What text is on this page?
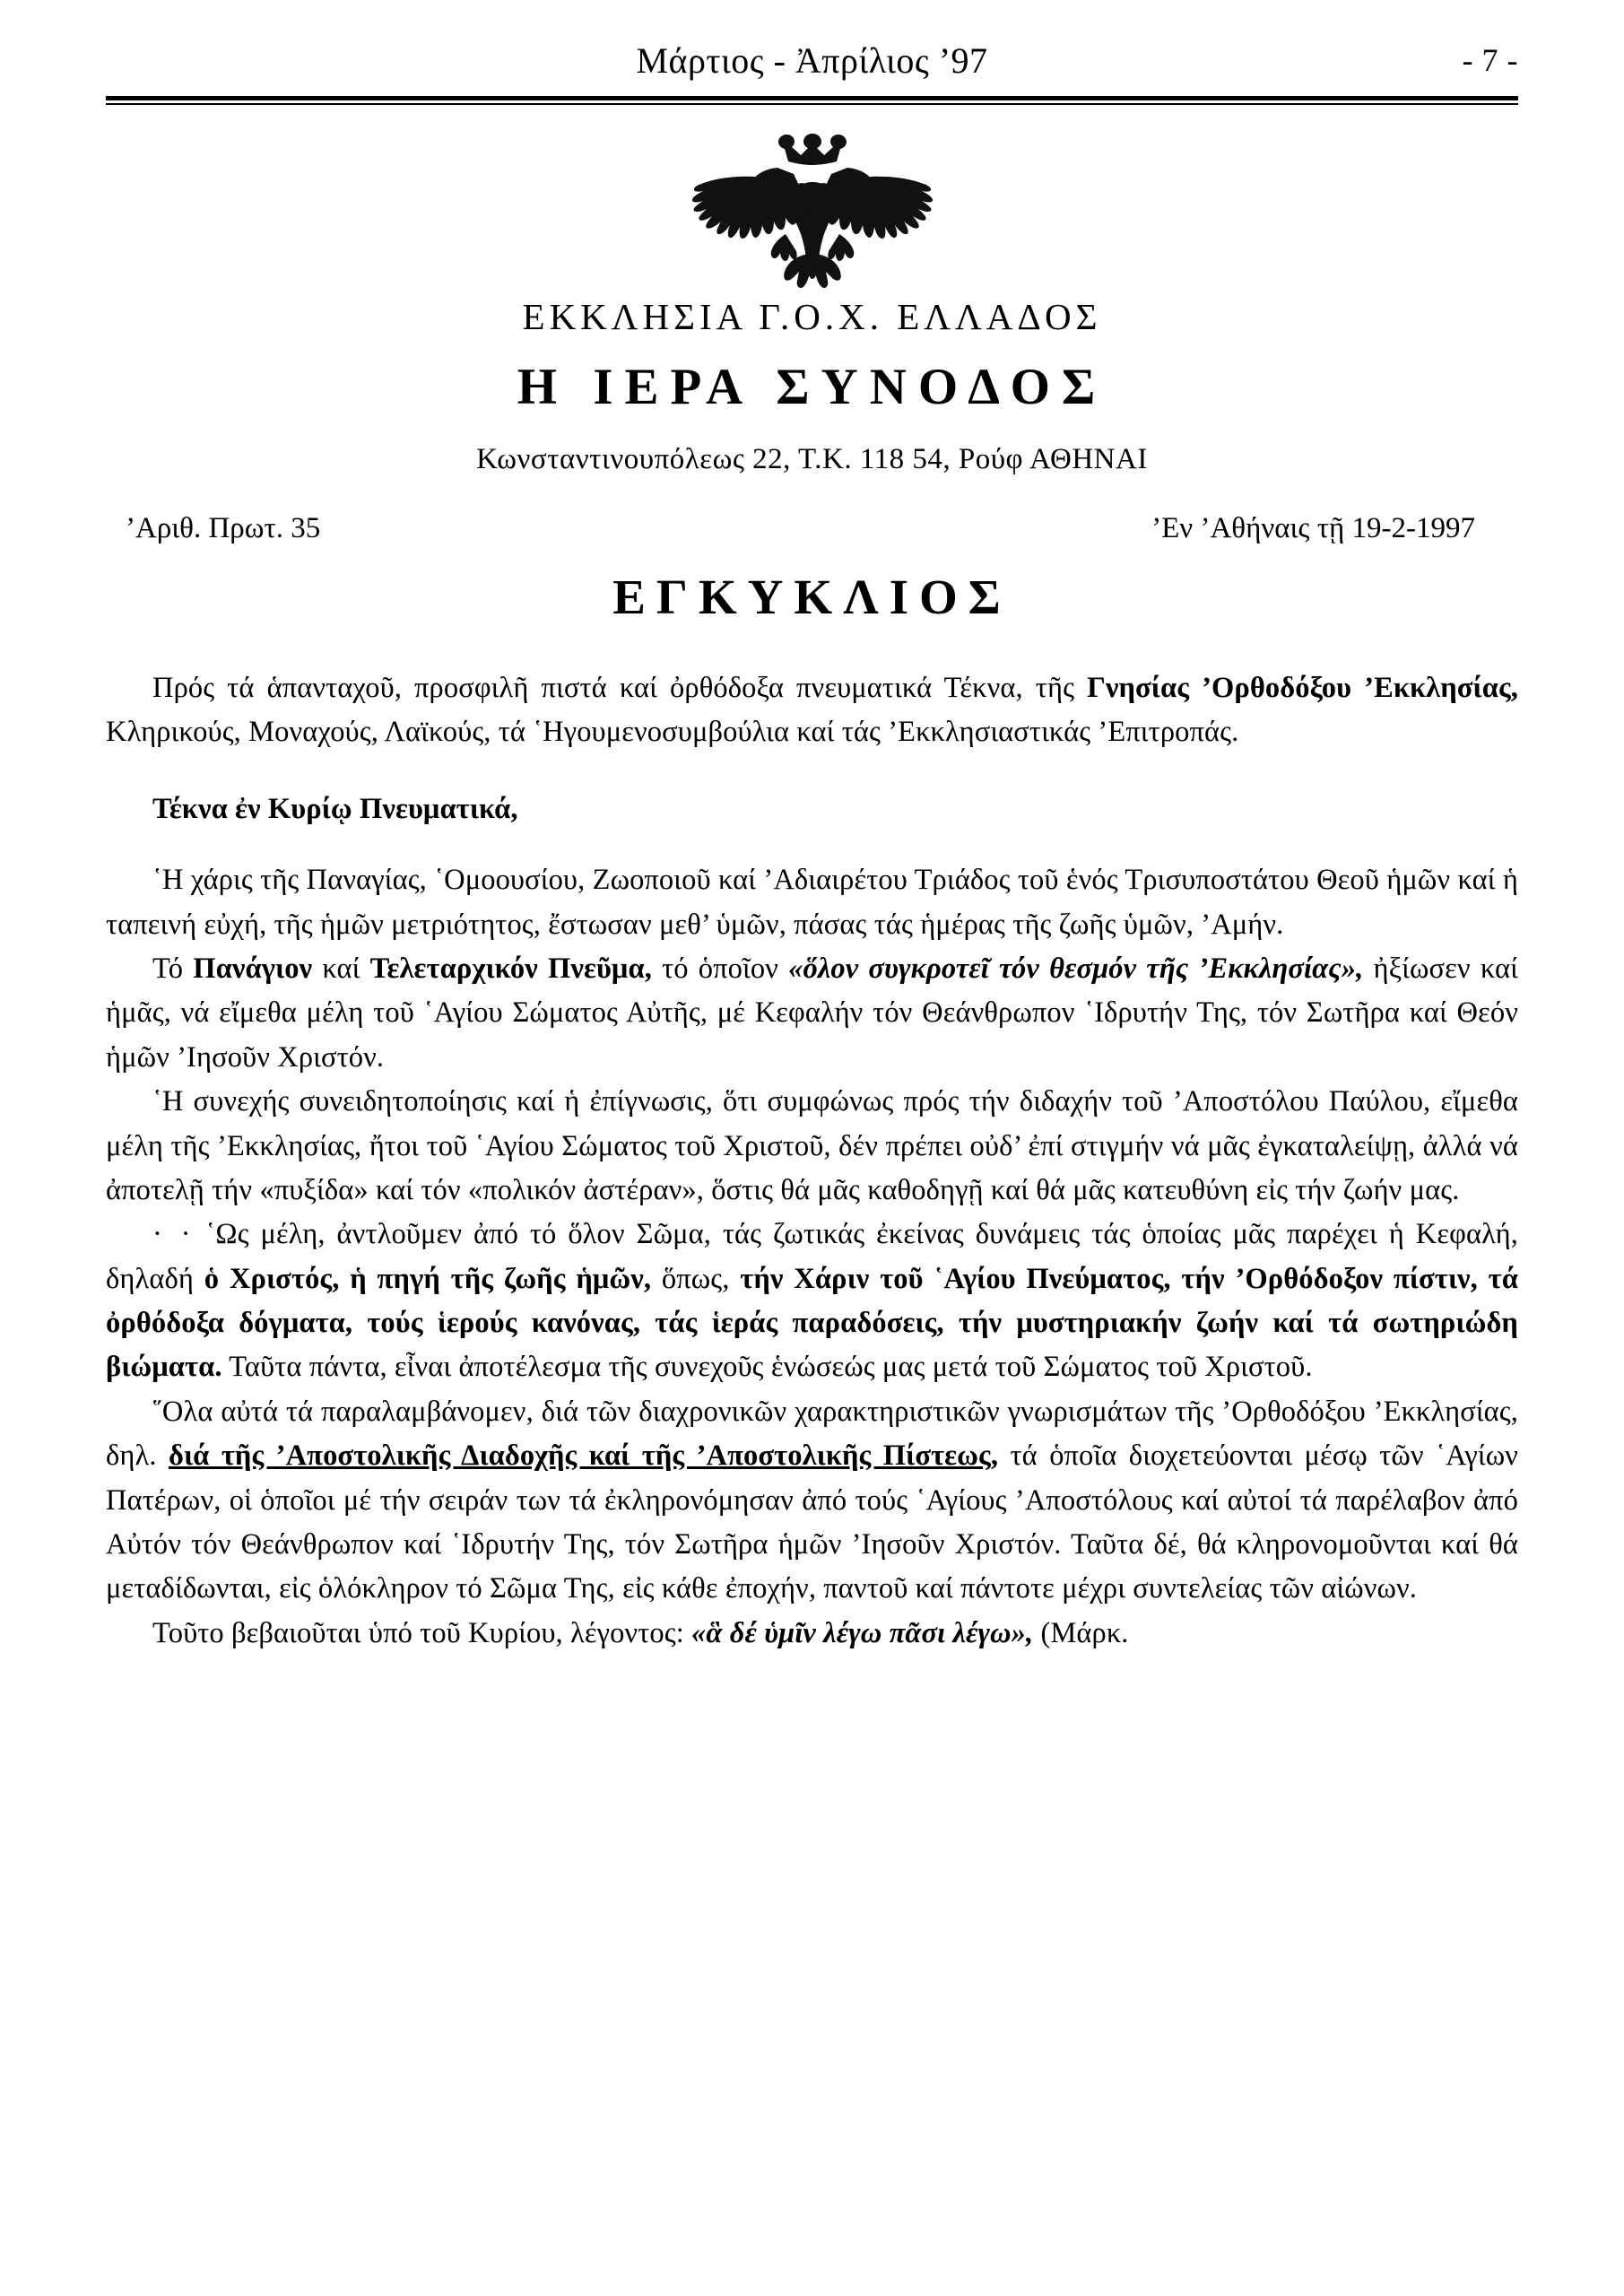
Μάρτιος - Ἀπρίλιος ’97	- 7 -
ΕΚΚΛΗΣΙΑ Γ.Ο.Χ. ΕΛΛΑΔΟΣ
Η ΙΕΡΑ ΣΥΝΟΔΟΣ
Κωνσταντινουπόλεως 22, Τ.Κ. 118 54, Ρούφ ΑΘΗΝΑΙ
’Αριθ. Πρωτ. 35	’Εν ’Αθήναις τῇ 19-2-1997
ΕΓΚΥΚΛΙΟΣ

Πρός τά ἁπανταχοῦ, προσφιλῆ πιστά καί ὀρθόδοξα πνευματικά Τέκνα, τῆς Γνησίας ’Ορθοδόξου ’Εκκλησίας, Κληρικούς, Μοναχούς, Λαϊκούς, τά ῾Ηγουμενοσυμβούλια καί τάς ’Εκκλησιαστικάς ’Επιτροπάς.

Τέκνα ἐν Κυρίῳ Πνευματικά,

῾Η χάρις τῆς Παναγίας, ῾Ομοουσίου, Ζωοποιοῦ καί ’Αδιαιρέτου Τριάδος τοῦ ἑνός Τρισυποστάτου Θεοῦ ἡμῶν καί ἡ ταπεινή εὐχή, τῆς ἡμῶν μετριότητος, ἔστωσαν μεθ’ ὑμῶν, πάσας τάς ἡμέρας τῆς ζωῆς ὑμῶν, ’Αμήν.

Τό Πανάγιον καί Τελεταρχικόν Πνεῦμα, τό ὁποῖον «ὅλον συγκροτεῖ τόν θεσμόν τῆς ’Εκκλησίας», ἠξίωσεν καί ἡμᾶς, νά εἴμεθα μέλη τοῦ ῾Αγίου Σώματος Αὐτῆς, μέ Κεφαλήν τόν Θεάνθρωπον ῾Ιδρυτήν Της, τόν Σωτῆρα καί Θεόν ἡμῶν ’Ιησοῦν Χριστόν.

῾Η συνεχής συνειδητοποίησις καί ἡ ἐπίγνωσις, ὅτι συμφώνως πρός τήν διδαχήν τοῦ ’Αποστόλου Παύλου, εἴμεθα μέλη τῆς ’Εκκλησίας, ἤτοι τοῦ ῾Αγίου Σώματος τοῦ Χριστοῦ, δέν πρέπει οὐδ’ ἐπί στιγμήν νά μᾶς ἐγκαταλείψῃ, ἀλλά νά ἀποτελῇ τήν «πυξίδα» καί τόν «πολικόν ἀστέραν», ὅστις θά μᾶς καθοδηγῇ καί θά μᾶς κατευθύνη εἰς τήν ζωήν μας.

· · ῾Ως μέλη, ἀντλοῦμεν ἀπό τό ὅλον Σῶμα, τάς ζωτικάς ἐκείνας δυνάμεις τάς ὁποίας μᾶς παρέχει ἡ Κεφαλή, δηλαδή ὁ Χριστός, ἡ πηγή τῆς ζωῆς ἡμῶν, ὅπως, τήν Χάριν τοῦ ῾Αγίου Πνεύματος, τήν ’Ορθόδοξον πίστιν, τά ὀρθόδοξα δόγματα, τούς ἱερούς κανόνας, τάς ἱεράς παραδόσεις, τήν μυστηριακήν ζωήν καί τά σωτηριώδη βιώματα. Ταῦτα πάντα, εἶναι ἀποτέλεσμα τῆς συνεχοῦς ἑνώσεώς μας μετά τοῦ Σώματος τοῦ Χριστοῦ.

῞Ολα αὐτά τά παραλαμβάνομεν, διά τῶν διαχρονικῶν χαρακτηριστικῶν γνωρισμάτων τῆς ’Ορθοδόξου ’Εκκλησίας, δηλ. διά τῆς ’Αποστολικῆς Διαδοχῆς καί τῆς ’Αποστολικῆς Πίστεως, τά ὁποῖα διοχετεύονται μέσῳ τῶν ῾Αγίων Πατέρων, οἱ ὁποῖοι μέ τήν σειράν των τά ἐκληρονόμησαν ἀπό τούς ῾Αγίους ’Αποστόλους καί αὐτοί τά παρέλαβον ἀπό Αὐτόν τόν Θεάνθρωπον καί ῾Ιδρυτήν Της, τόν Σωτῆρα ἡμῶν ’Ιησοῦν Χριστόν. Ταῦτα δέ, θά κληρονομοῦνται καί θά μεταδίδωνται, εἰς ὁλόκληρον τό Σῶμα Της, εἰς κάθε ἐποχήν, παντοῦ καί πάντοτε μέχρι συντελείας τῶν αἰώνων.

Τοῦτο βεβαιοῦται ὑπό τοῦ Κυρίου, λέγοντος: «ἃ δέ ὑμῖν λέγω πᾶσι λέγω», (Μάρκ.
